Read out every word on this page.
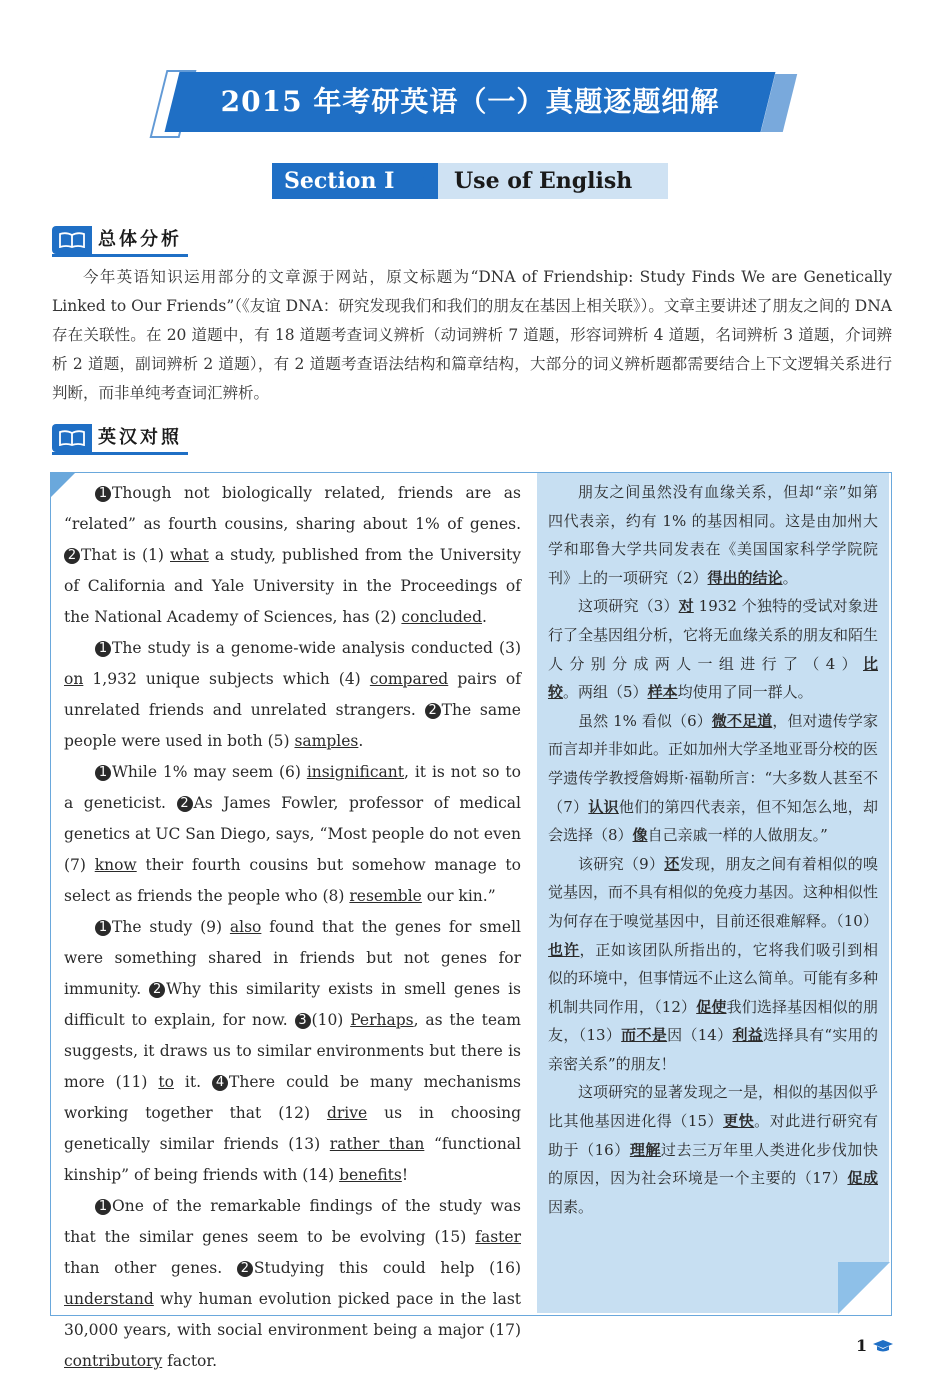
2015 年考研英语（一）真题逐题细解
Section Ⅰ	Use of English
总体分析
今年英语知识运用部分的文章源于网站，原文标题为“DNA of Friendship: Study Finds We are Genetically Linked to Our Friends”（《友谊 DNA：研究发现我们和我们的朋友在基因上相关联》）。文章主要讲述了朋友之间的 DNA 存在关联性。在 20 道题中，有 18 道题考查词义辨析（动词辨析 7 道题，形容词辨析 4 道题，名词辨析 3 道题，介词辨析 2 道题，副词辨析 2 道题），有 2 道题考查语法结构和篇章结构，大部分的词义辨析题都需要结合上下文逻辑关系进行判断，而非单纯考查词汇辨析。
英汉对照

1 Though not biologically related, friends are as “related” as fourth cousins, sharing about 1% of genes. 2 That is (1) what a study, published from the University of California and Yale University in the Proceedings of the National Academy of Sciences, has (2) concluded.

1 The study is a genome-wide analysis conducted (3) on 1,932 unique subjects which (4) compared pairs of unrelated friends and unrelated strangers. 2 The same people were used in both (5) samples.

1 While 1% may seem (6) insignificant, it is not so to a geneticist. 2 As James Fowler, professor of medical genetics at UC San Diego, says, “Most people do not even (7) know their fourth cousins but somehow manage to select as friends the people who (8) resemble our kin.”

1 The study (9) also found that the genes for smell were something shared in friends but not genes for immunity. 2 Why this similarity exists in smell genes is difficult to explain, for now. 3 (10) Perhaps, as the team suggests, it draws us to similar environments but there is more (11) to it. 4 There could be many mechanisms working together that (12) drive us in choosing genetically similar friends (13) rather than “functional kinship” of being friends with (14) benefits!

1 One of the remarkable findings of the study was that the similar genes seem to be evolving (15) faster than other genes. 2 Studying this could help (16) understand why human evolution picked pace in the last 30,000 years, with social environment being a major (17) contributory factor.

朋友之间虽然没有血缘关系，但却“亲”如第四代表亲，约有 1% 的基因相同。这是由加州大学和耶鲁大学共同发表在《美国国家科学学院院刊》上的一项研究（2）得出的结论。

这项研究（3）对 1932 个独特的受试对象进行了全基因组分析，它将无血缘关系的朋友和陌生人分别分成两人一组进行了（4）比较。两组（5）样本均使用了同一群人。

虽然 1% 看似（6）微不足道，但对遗传学家而言却并非如此。正如加州大学圣地亚哥分校的医学遗传学教授詹姆斯·福勒所言：“大多数人甚至不（7）认识他们的第四代表亲，但不知怎么地，却会选择（8）像自己亲戚一样的人做朋友。”

该研究（9）还发现，朋友之间有着相似的嗅觉基因，而不具有相似的免疫力基因。这种相似性为何存在于嗅觉基因中，目前还很难解释。（10）也许，正如该团队所指出的，它将我们吸引到相似的环境中，但事情远不止这么简单。可能有多种机制共同作用，（12）促使我们选择基因相似的朋友，（13）而不是因（14）利益选择具有“实用的亲密关系”的朋友！

这项研究的显著发现之一是，相似的基因似乎比其他基因进化得（15）更快。对此进行研究有助于（16）理解过去三万年里人类进化步伐加快的原因，因为社会环境是一个主要的（17）促成因素。

1
